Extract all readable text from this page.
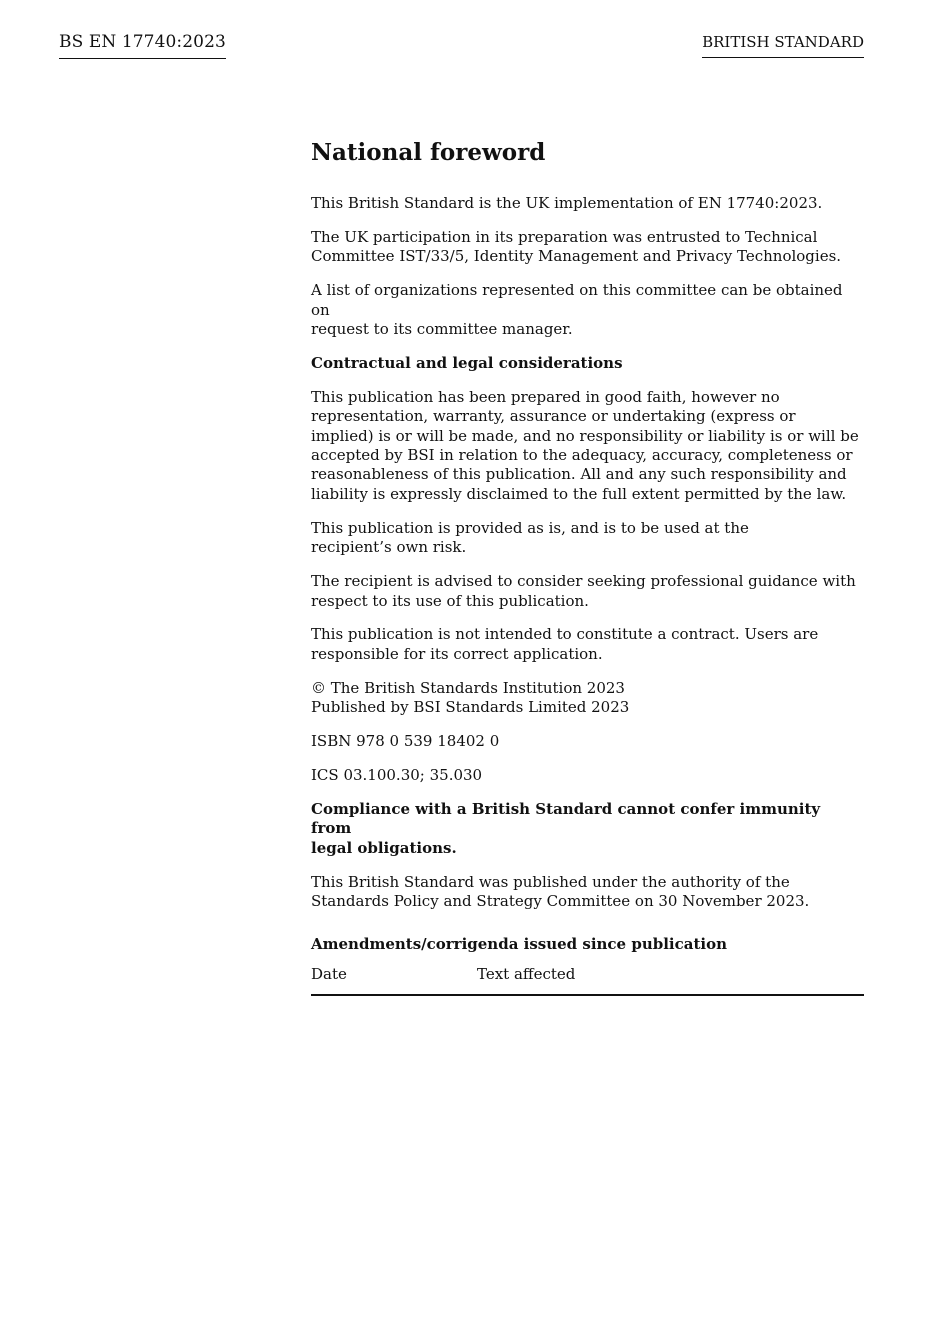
BS EN 17740:2023	BRITISH STANDARD
National foreword

This British Standard is the UK implementation of EN 17740:2023.

The UK participation in its preparation was entrusted to Technical
Committee IST/33/5, Identity Management and Privacy Technologies.

A list of organizations represented on this committee can be obtained on
request to its committee manager.

Contractual and legal considerations

This publication has been prepared in good faith, however no
representation, warranty, assurance or undertaking (express or
implied) is or will be made, and no responsibility or liability is or will be
accepted by BSI in relation to the adequacy, accuracy, completeness or
reasonableness of this publication. All and any such responsibility and
liability is expressly disclaimed to the full extent permitted by the law.

This publication is provided as is, and is to be used at the
recipient’s own risk.

The recipient is advised to consider seeking professional guidance with
respect to its use of this publication.

This publication is not intended to constitute a contract. Users are
responsible for its correct application.

© The British Standards Institution 2023
Published by BSI Standards Limited 2023

ISBN 978 0 539 18402 0

ICS 03.100.30; 35.030

Compliance with a British Standard cannot confer immunity from
legal obligations.

This British Standard was published under the authority of the
Standards Policy and Strategy Committee on 30 November 2023.

Amendments/corrigenda issued since publication
Date	Text affected
